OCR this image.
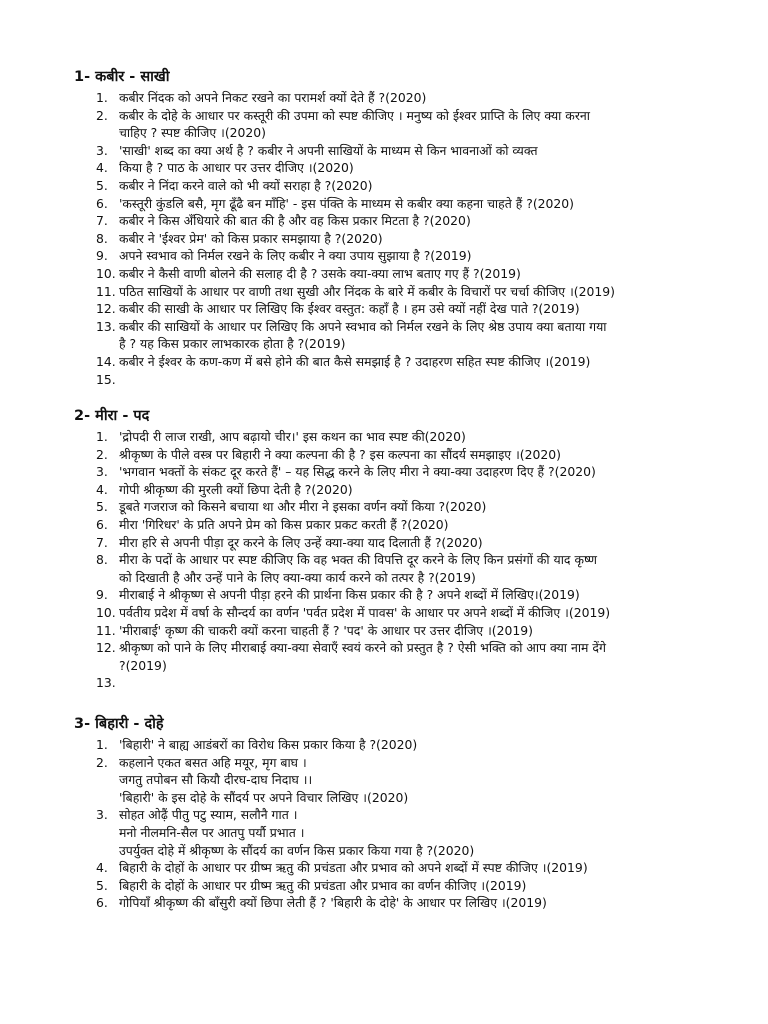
1- कबीर - साखी
1. कबीर निंदक को अपने निकट रखने का परामर्श क्यों देते हैं ?(2020)
2. कबीर के दोहे के आधार पर कस्तूरी की उपमा को स्पष्ट कीजिए । मनुष्य को ईश्वर प्राप्ति के लिए क्या करना
चाहिए ? स्पष्ट कीजिए ।(2020)
3. 'साखी' शब्द का क्या अर्थ है ? कबीर ने अपनी साखियों के माध्यम से किन भावनाओं को व्यक्त
4. किया है ? पाठ के आधार पर उत्तर दीजिए ।(2020)
5. कबीर ने निंदा करने वाले को भी क्यों सराहा है ?(2020)
6. 'कस्तूरी कुंडलि बसै, मृग ढूँढै बन माँहि' - इस पंक्ति के माध्यम से कबीर क्या कहना चाहते हैं ?(2020)
7. कबीर ने किस अँधियारे की बात की है और वह किस प्रकार मिटता है ?(2020)
8. कबीर ने 'ईश्वर प्रेम' को किस प्रकार समझाया है ?(2020)
9. अपने स्वभाव को निर्मल रखने के लिए कबीर ने क्या उपाय सुझाया है ?(2019)
10. कबीर ने कैसी वाणी बोलने की सलाह दी है ? उसके क्या-क्या लाभ बताए गए हैं ?(2019)
11. पठित साखियों के आधार पर वाणी तथा सुखी और निंदक के बारे में कबीर के विचारों पर चर्चा कीजिए ।(2019)
12. कबीर की साखी के आधार पर लिखिए कि ईश्वर वस्तुत: कहाँ है । हम उसे क्यों नहीं देख पाते ?(2019)
13. कबीर की साखियों के आधार पर लिखिए कि अपने स्वभाव को निर्मल रखने के लिए श्रेष्ठ उपाय क्या बताया गया
है ? यह किस प्रकार लाभकारक होता है ?(2019)
14. कबीर ने ईश्वर के कण-कण में बसे होने की बात कैसे समझाई है ? उदाहरण सहित स्पष्ट कीजिए ।(2019)
15.
2- मीरा - पद
1. 'द्रोपदी री लाज राखी, आप बढ़ायो चीर।' इस कथन का भाव स्पष्ट की(2020)
2. श्रीकृष्ण के पीले वस्त्र पर बिहारी ने क्या कल्पना की है ? इस कल्पना का सौंदर्य समझाइए ।(2020)
3. 'भगवान भक्तों के संकट दूर करते हैं' – यह सिद्ध करने के लिए मीरा ने क्या-क्या उदाहरण दिए हैं ?(2020)
4. गोपी श्रीकृष्ण की मुरली क्यों छिपा देती है ?(2020)
5. डूबते गजराज को किसने बचाया था और मीरा ने इसका वर्णन क्यों किया ?(2020)
6. मीरा 'गिरिधर' के प्रति अपने प्रेम को किस प्रकार प्रकट करती हैं ?(2020)
7. मीरा हरि से अपनी पीड़ा दूर करने के लिए उन्हें क्या-क्या याद दिलाती हैं ?(2020)
8. मीरा के पदों के आधार पर स्पष्ट कीजिए कि वह भक्त की विपत्ति दूर करने के लिए किन प्रसंगों की याद कृष्ण
को दिखाती है और उन्हें पाने के लिए क्या-क्या कार्य करने को तत्पर है ?(2019)
9. मीराबाई ने श्रीकृष्ण से अपनी पीड़ा हरने की प्रार्थना किस प्रकार की है ? अपने शब्दों में लिखिए।(2019)
10. पर्वतीय प्रदेश में वर्षा के सौन्दर्य का वर्णन 'पर्वत प्रदेश में पावस' के आधार पर अपने शब्दों में कीजिए ।(2019)
11. 'मीराबाई' कृष्ण की चाकरी क्यों करना चाहती हैं ? 'पद' के आधार पर उत्तर दीजिए ।(2019)
12. श्रीकृष्ण को पाने के लिए मीराबाई क्या-क्या सेवाएँ स्वयं करने को प्रस्तुत है ? ऐसी भक्ति को आप क्या नाम देंगे
?(2019)
13.
3- बिहारी - दोहे
1. 'बिहारी' ने बाह्य आडंबरों का विरोध किस प्रकार किया है ?(2020)
2. कहलाने एकत बसत अहि मयूर, मृग बाघ ।
जगतु तपोबन सौ कियौ दीरघ-दाघ निदाघ ।।
'बिहारी' के इस दोहे के सौंदर्य पर अपने विचार लिखिए ।(2020)
3. सोहत ओढ़ैं पीतु पटु स्याम, सलौनै गात ।
मनो नीलमनि-सैल पर आतपु पर्यौ प्रभात ।
उपर्युक्त दोहे में श्रीकृष्ण के सौंदर्य का वर्णन किस प्रकार किया गया है ?(2020)
4. बिहारी के दोहों के आधार पर ग्रीष्म ऋतु की प्रचंडता और प्रभाव को अपने शब्दों में स्पष्ट कीजिए ।(2019)
5. बिहारी के दोहों के आधार पर ग्रीष्म ऋतु की प्रचंडता और प्रभाव का वर्णन कीजिए ।(2019)
6. गोपियाँ श्रीकृष्ण की बाँसुरी क्यों छिपा लेती हैं ? 'बिहारी के दोहे' के आधार पर लिखिए ।(2019)
